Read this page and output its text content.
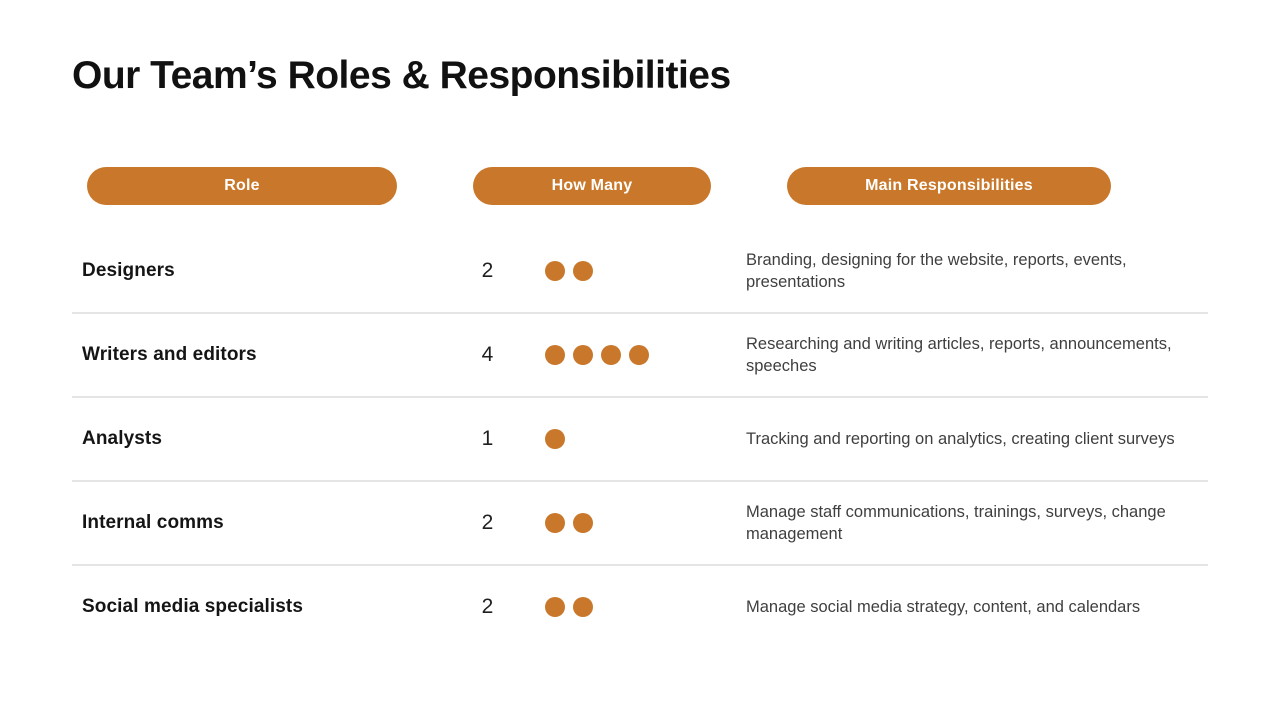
Our Team’s Roles & Responsibilities
Role	How Many	Main Responsibilities
Designers	2	Branding, designing for the website, reports, events, presentations
Writers and editors	4	Researching and writing articles, reports, announcements, speeches
Analysts	1	Tracking and reporting on analytics, creating client surveys
Internal comms	2	Manage staff communications, trainings, surveys, change management
Social media specialists	2	Manage social media strategy, content, and calendars
